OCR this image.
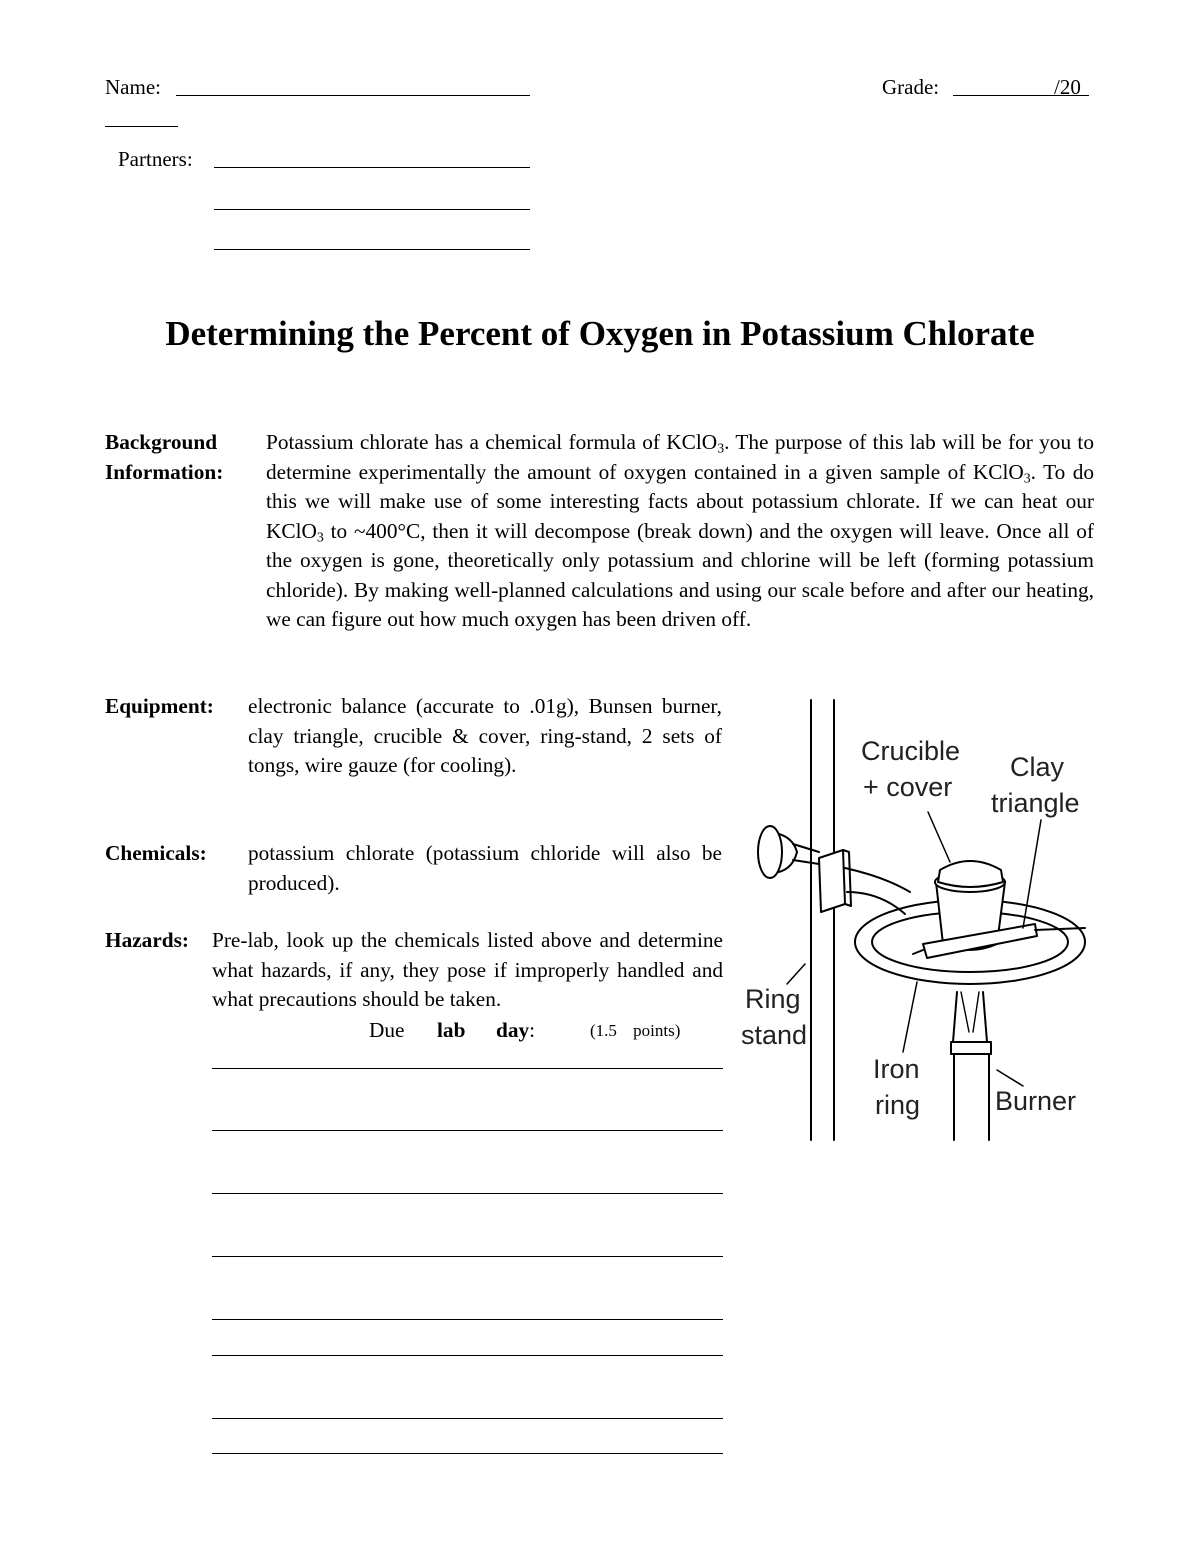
Name:	Grade:	/20
Partners:
Determining the Percent of Oxygen in Potassium Chlorate
Background
Information:
Potassium chlorate has a chemical formula of KClO$_3$. The purpose of this lab will be for you to determine experimentally the amount of oxygen contained in a given sample of KClO$_3$. To do this we will make use of some interesting facts about potassium chlorate. If we can heat our KClO$_3$ to ~400°C, then it will decompose (break down) and the oxygen will leave. Once all of the oxygen is gone, theoretically only potassium and chlorine will be left (forming potassium chloride). By making well-planned calculations and using our scale before and after our heating, we can figure out how much oxygen has been driven off.
Equipment: electronic balance (accurate to .01g), Bunsen burner, clay triangle, crucible & cover, ring-stand, 2 sets of tongs, wire gauze (for cooling).
Chemicals: potassium chlorate (potassium chloride will also be produced).
Hazards: Pre-lab, look up the chemicals listed above and determine what hazards, if any, they pose if improperly handled and what precautions should be taken.
Due lab day:	(1.5 points)
Crucible
+ cover
Clay
triangle
Ring
stand
Iron
ring	Burner
